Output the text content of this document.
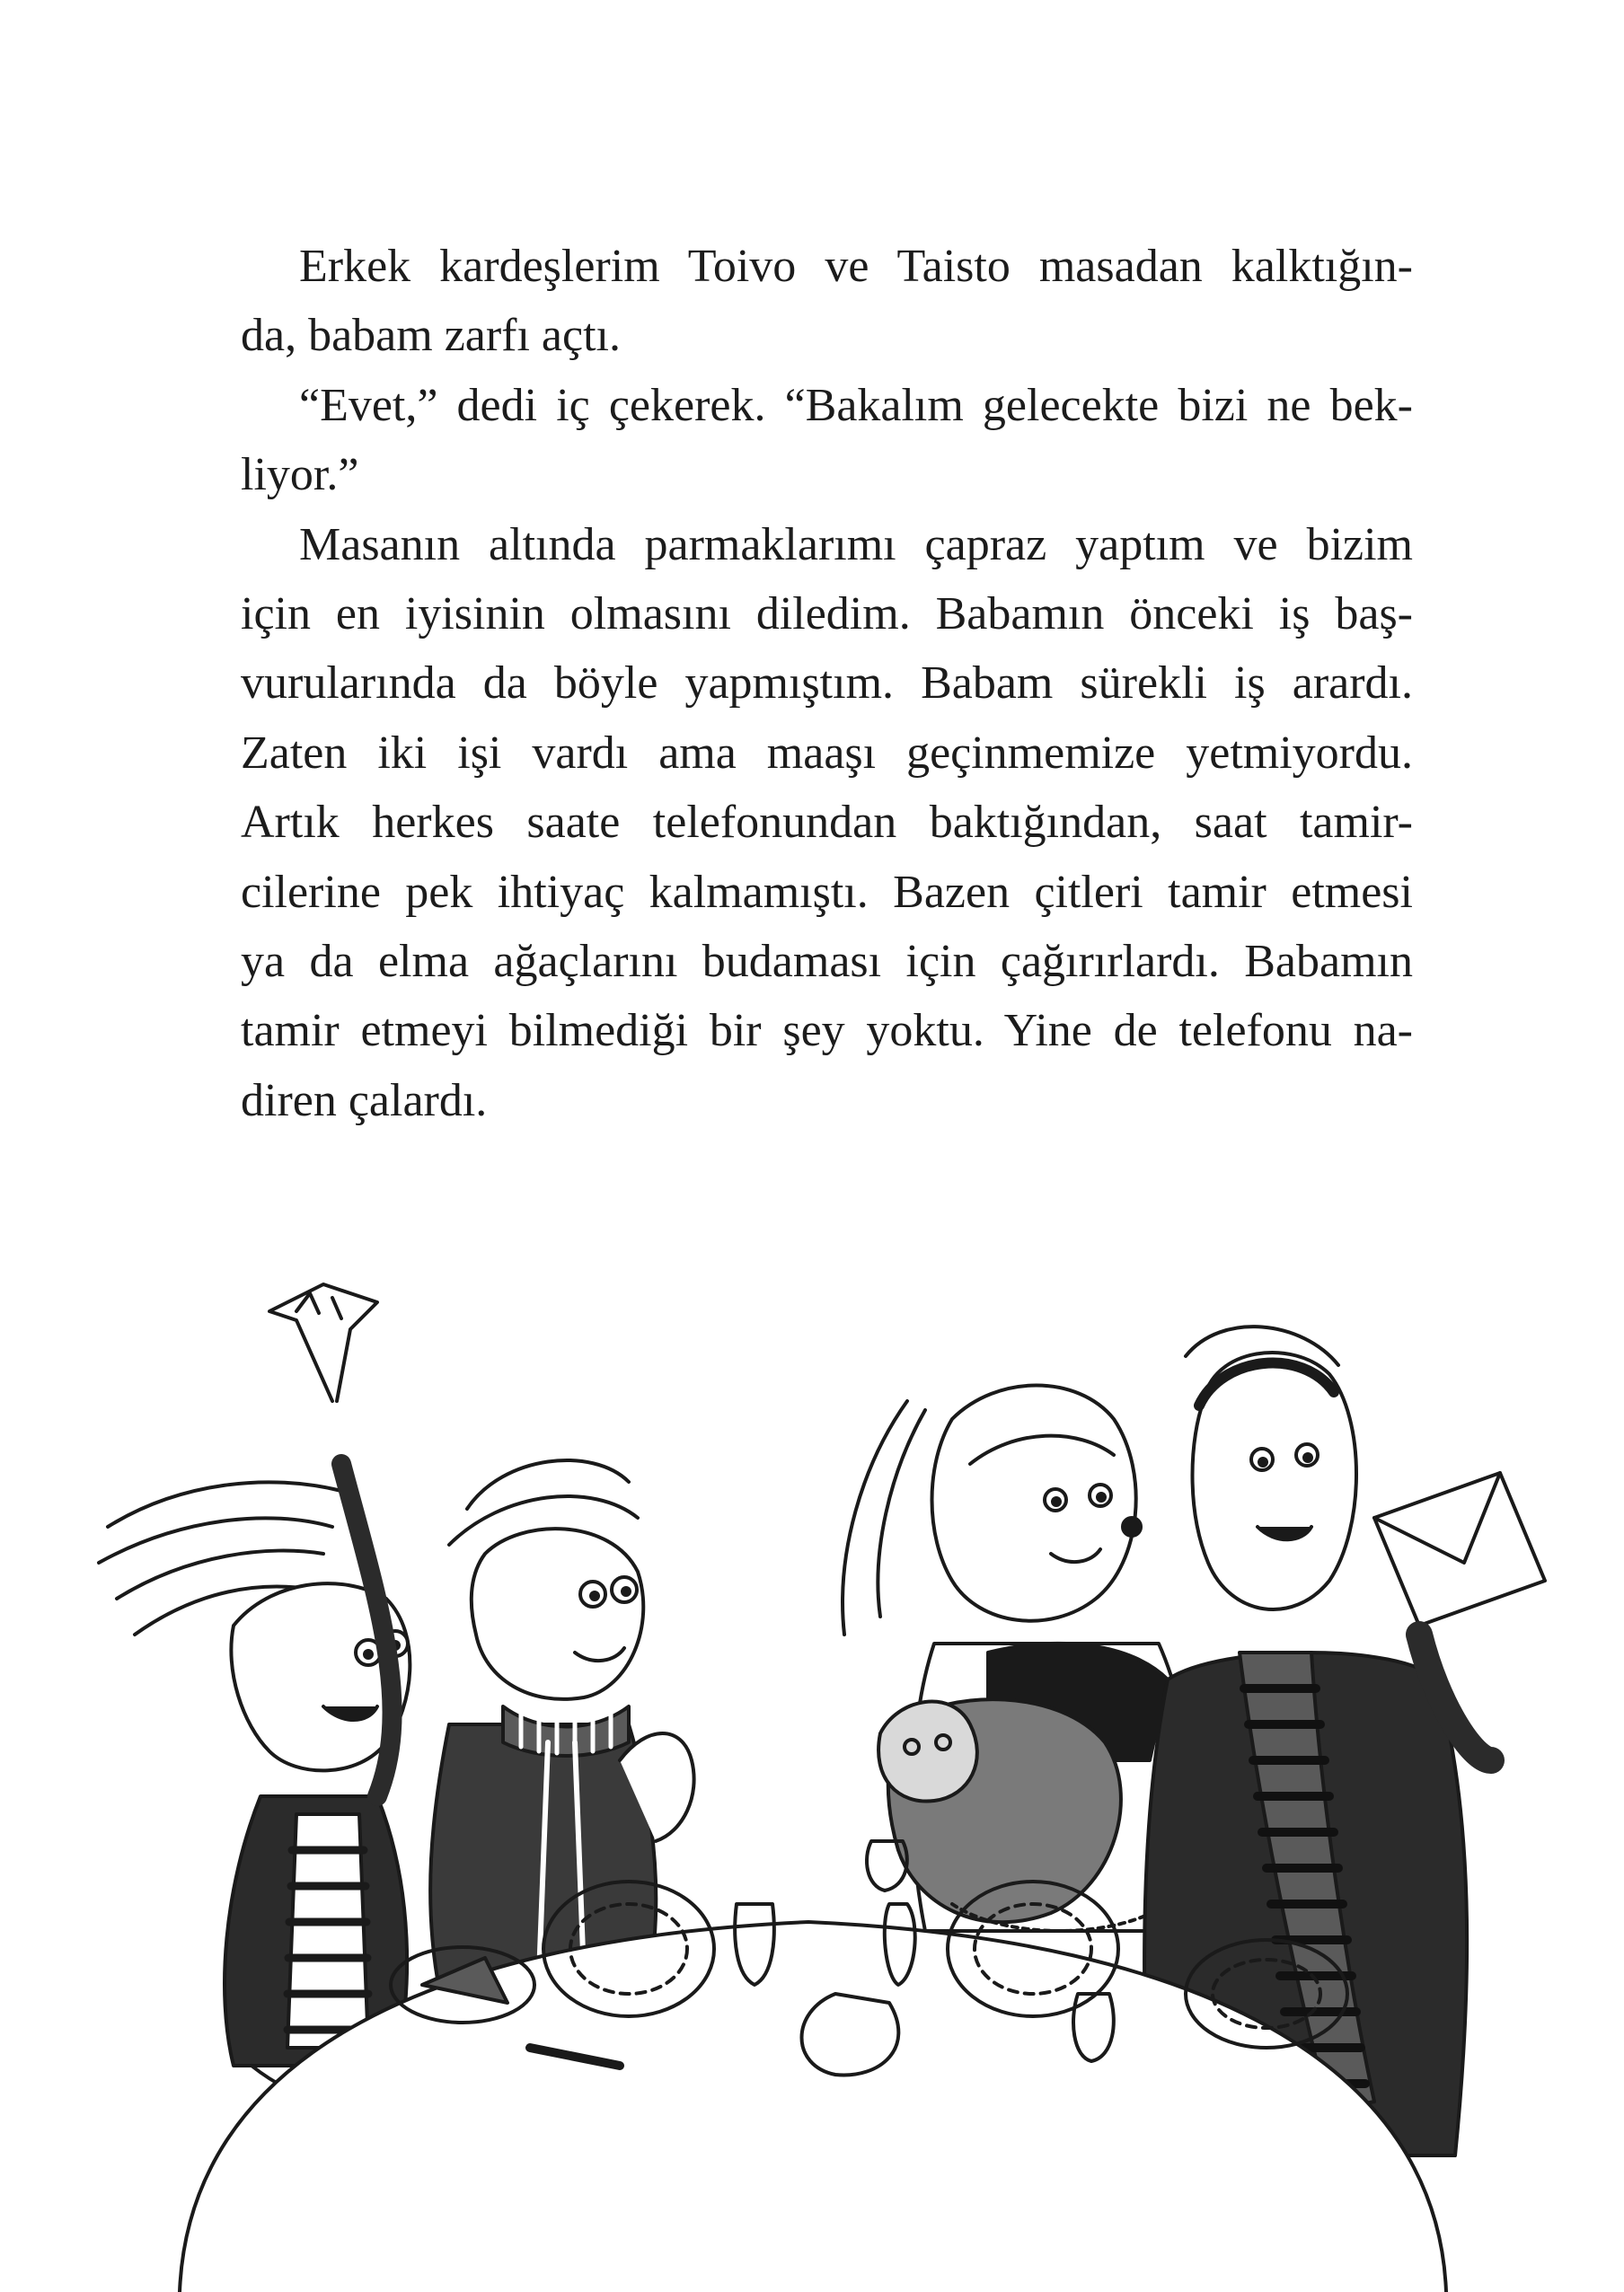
Erkek kardeşlerim Toivo ve Taisto masadan kalktığın-
da, babam zarfı açtı.

“Evet,” dedi iç çekerek. “Bakalım gelecekte bizi ne bek-
liyor.”

Masanın altında parmaklarımı çapraz yaptım ve bizim
için en iyisinin olmasını diledim. Babamın önceki iş baş-
vurularında da böyle yapmıştım. Babam sürekli iş arardı.
Zaten iki işi vardı ama maaşı geçinmemize yetmiyordu.
Artık herkes saate telefonundan baktığından, saat tamir-
cilerine pek ihtiyaç kalmamıştı. Bazen çitleri tamir etmesi
ya da elma ağaçlarını budaması için çağırırlardı. Babamın
tamir etmeyi bilmediği bir şey yoktu. Yine de telefonu na-
diren çalardı.
